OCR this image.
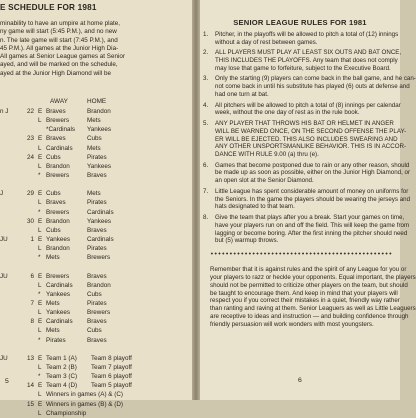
E SCHEDULE FOR 1981
minability to have an umpire at home plate,
ny game will start (5:45 P.M.), and no new
n. The late game will start (7:45 P.M.), and
45 P.M.). All games at the Junior High Dia-
All games at Senior League games at Senior
ayed, and will be marked on the schedule,
ayed at the Junior High Diamond will be
AWAY	HOME
n J	22 E Braves	Brandon
L Brewers	Mets
*Cardinals Yankees
23 E Braves	Cubs
L Cardinals Mets
24 E Cubs	Pirates
L Brandon	Yankees
* Brewers	Braves
J	29 E Cubs	Mets
L Braves	Pirates
* Brewers	Cardinals
30 E Brandon	Yankees
L Cubs	Braves
JU	1 E Yankees	Cardinals
L Brandon	Pirates
* Mets	Brewers
JU	6 E Brewers	Braves
L Cardinals Brandon
* Yankees	Cubs
7 E Mets	Pirates
L Yankees	Brewers
8 E Cardinals Braves
L Mets	Cubs
* Pirates	Braves
JU	13 E Team 1 (A) Team 8 playoff
L Team 2 (B) Team 7 playoff
* Team 3 (C) Team 6 playoff
14 E Team 4 (D) Team 5 playoff
L Winners in games (A) & (C)
15 E Winners in games (B) & (D)
L Championship
5
SENIOR LEAGUE RULES FOR 1981
1. Pitcher, in the playoffs will be allowed to pitch a total of (12) innings
without a day of rest between games.
2. ALL PLAYERS MUST PLAY AT LEAST SIX OUTS AND BAT ONCE,
THIS INCLUDES THE PLAYOFFS. Any team that does not comply
may lose that game to forfeiture, subject to the Executive Board.
3. Only the starting (9) players can come back in the ball game, and he can-
not come back in until his substitute has played (6) outs at defense and
had one turn at bat.
4. All pitchers will be allowed to pitch a total of (8) innings per calendar
week, without the one day of rest as in the rule book.
5. ANY PLAYER THAT THROWS HIS BAT OR HELMET IN ANGER
WILL BE WARNED ONCE, ON THE SECOND OFFENSE THE PLAY-
ER WILL BE EJECTED. THIS ALSO INCLUDES SWEARING AND
ANY OTHER UNSPORTSMANLIKE BEHAVIOR. THIS IS IN ACCOR-
DANCE WITH RULE 9.00 (a) thru (e).
6. Games that become postponed due to rain or any other reason, should
be made up as soon as possible, either on the Junior High Diamond, or
an open slot at the Senior Diamond.
7. Little League has spent considerable amount of money on uniforms for
the Seniors. In the game the players should be wearing the jerseys and
hats designated to that team.
8. Give the team that plays after you a break. Start your games on time,
have your players run on and off the field. This will keep the game from
lagging or become boring. After the first inning the pitcher should need
but (5) warmup throws.
Remember that it is against rules and the spirit of any League for you or
your players to razz or heckle your opponents. Equal important, the players
should not be permitted to criticize other players on the team, but should
be taught to encourage them. And keep in mind that your players will
respect you if you correct their mistakes in a quiet, friendly way rather
than ranting and raving at them. Senior Leaguers as well as Little Leaguers
are receptive to ideas and instruction — and building confidence through
friendly persuasion will work wonders with most youngsters.
6
